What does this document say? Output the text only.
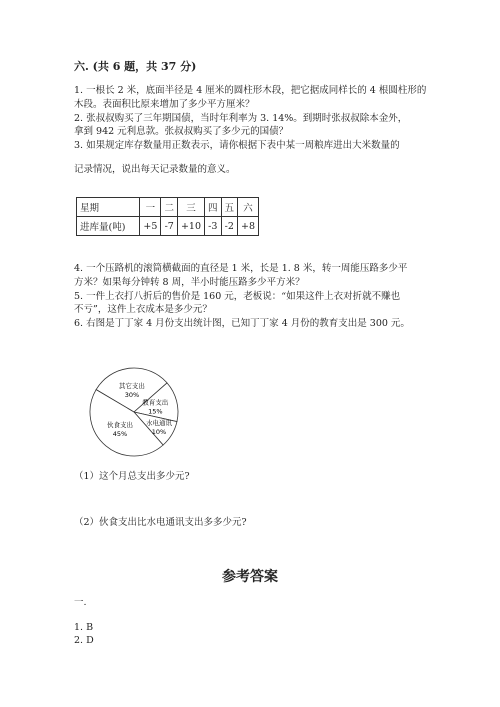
六. (共 6 题，共 37 分)
1. 一根长 2 米，底面半径是 4 厘米的圆柱形木段，把它据成同样长的 4 根圆柱形的木段。表面积比原来增加了多少平方厘米？
2. 张叔叔购买了三年期国债，当时年利率为 3. 14%。到期时张叔叔除本金外，
拿到 942 元利息款。张叔叔购买了多少元的国债？
3. 如果规定库存数量用正数表示，请你根据下表中某一周粮库进出大米数量的
记录情况，说出每天记录数量的意义。
星期	一	二	三	四	五	六
进库量(吨)	+5	-7	+10	-3	-2	+8
4. 一个压路机的滚筒横截面的直径是 1 米，长是 1. 8 米，转一周能压路多少平
方米？如果每分钟转 8 周，半小时能压路多少平方米？
5. 一件上衣打八折后的售价是 160 元，老板说：“如果这件上衣对折就不赚也
不亏”，这件上衣成本是多少元？
6. 右图是丁丁家 4 月份支出统计图，已知丁丁家 4 月份的教育支出是 300 元。
其它支出
30%
教育支出
15%
水电通讯
10%
伙食支出
45%
（1）这个月总支出多少元?
（2）伙食支出比水电通讯支出多多少元?
参考答案
一.
1. B
2. D
